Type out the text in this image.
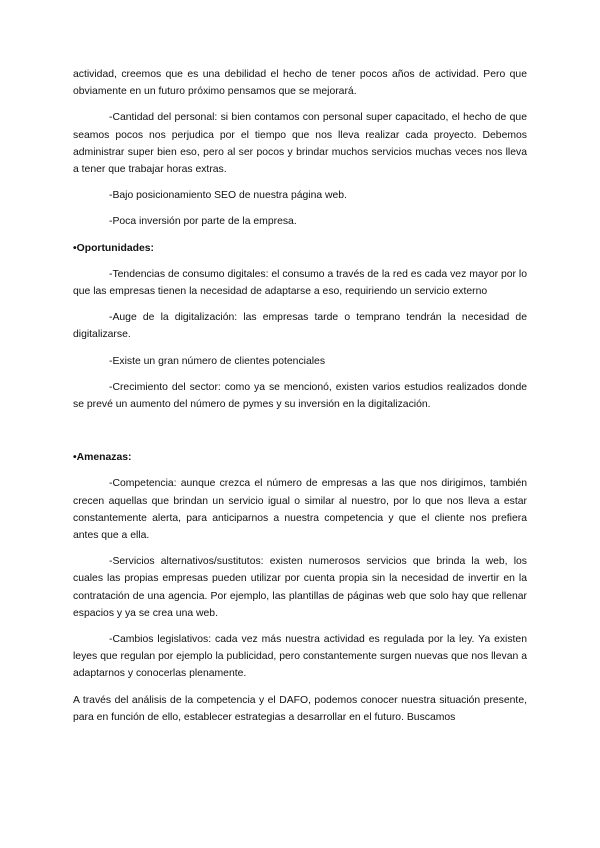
actividad, creemos que es una debilidad el hecho de tener pocos años de actividad. Pero que obviamente en un futuro próximo pensamos que se mejorará.

-Cantidad del personal: si bien contamos con personal super capacitado, el hecho de que seamos pocos nos perjudica por el tiempo que nos lleva realizar cada proyecto. Debemos administrar super bien eso, pero al ser pocos y brindar muchos servicios muchas veces nos lleva a tener que trabajar horas extras.

-Bajo posicionamiento SEO de nuestra página web.

-Poca inversión por parte de la empresa.

•Oportunidades:

-Tendencias de consumo digitales: el consumo a través de la red es cada vez mayor por lo que las empresas tienen la necesidad de adaptarse a eso, requiriendo un servicio externo

-Auge de la digitalización: las empresas tarde o temprano tendrán la necesidad de digitalizarse.

-Existe un gran número de clientes potenciales

-Crecimiento del sector: como ya se mencionó, existen varios estudios realizados donde se prevé un aumento del número de pymes y su inversión en la digitalización.

•Amenazas:

-Competencia: aunque crezca el número de empresas a las que nos dirigimos, también crecen aquellas que brindan un servicio igual o similar al nuestro, por lo que nos lleva a estar constantemente alerta, para anticiparnos a nuestra competencia y que el cliente nos prefiera antes que a ella.

-Servicios alternativos/sustitutos: existen numerosos servicios que brinda la web, los cuales las propias empresas pueden utilizar por cuenta propia sin la necesidad de invertir en la contratación de una agencia. Por ejemplo, las plantillas de páginas web que solo hay que rellenar espacios y ya se crea una web.

-Cambios legislativos: cada vez más nuestra actividad es regulada por la ley. Ya existen leyes que regulan por ejemplo la publicidad, pero constantemente surgen nuevas que nos llevan a adaptarnos y conocerlas plenamente.

A través del análisis de la competencia y el DAFO, podemos conocer nuestra situación presente, para en función de ello, establecer estrategias a desarrollar en el futuro. Buscamos
